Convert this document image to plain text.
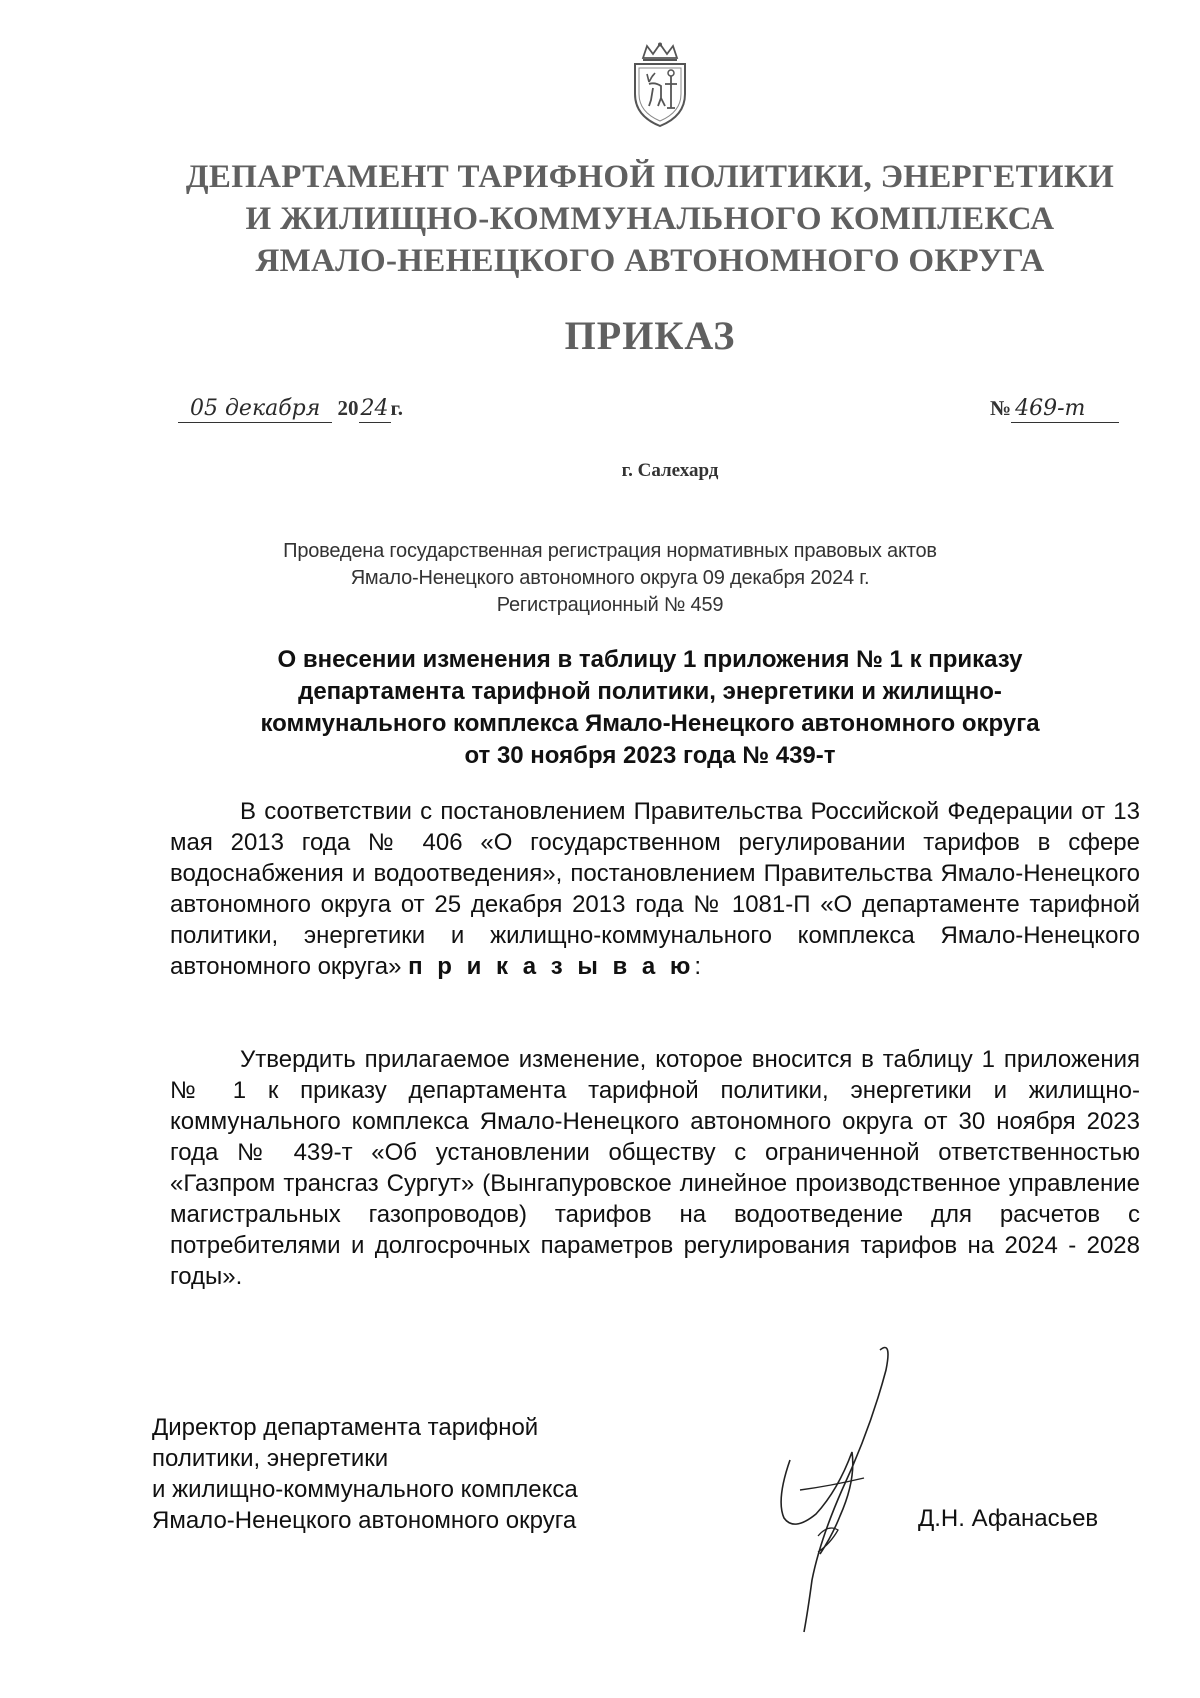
ДЕПАРТАМЕНТ ТАРИФНОЙ ПОЛИТИКИ, ЭНЕРГЕТИКИ
И ЖИЛИЩНО-КОММУНАЛЬНОГО КОМПЛЕКСА
ЯМАЛО-НЕНЕЦКОГО АВТОНОМНОГО ОКРУГА
ПРИКАЗ
05 декабря 2024г.	№ 469-т
г. Салехард
Проведена государственная регистрация нормативных правовых актов
Ямало-Ненецкого автономного округа 09 декабря 2024 г.
Регистрационный № 459
О внесении изменения в таблицу 1 приложения № 1 к приказу
департамента тарифной политики, энергетики и жилищно-
коммунального комплекса Ямало-Ненецкого автономного округа
от 30 ноября 2023 года № 439-т
В соответствии с постановлением Правительства Российской Федерации от 13 мая 2013 года № 406 «О государственном регулировании тарифов в сфере водоснабжения и водоотведения», постановлением Правительства Ямало-Ненецкого автономного округа от 25 декабря 2013 года № 1081-П «О департаменте тарифной политики, энергетики и жилищно-коммунального комплекса Ямало-Ненецкого автономного округа» п р и к а з ы в а ю:
Утвердить прилагаемое изменение, которое вносится в таблицу 1 приложения № 1 к приказу департамента тарифной политики, энергетики и жилищно-коммунального комплекса Ямало-Ненецкого автономного округа от 30 ноября 2023 года № 439-т «Об установлении обществу с ограниченной ответственностью «Газпром трансгаз Сургут» (Вынгапуровское линейное производственное управление магистральных газопроводов) тарифов на водоотведение для расчетов с потребителями и долгосрочных параметров регулирования тарифов на 2024 - 2028 годы».
Директор департамента тарифной
политики, энергетики
и жилищно-коммунального комплекса
Ямало-Ненецкого автономного округа	Д.Н. Афанасьев
